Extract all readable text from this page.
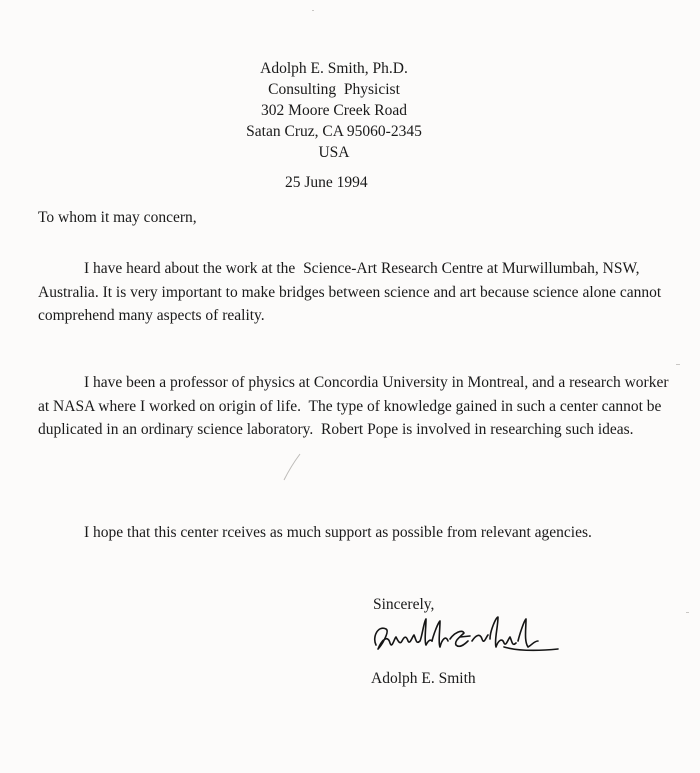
Adolph E. Smith, Ph.D.
Consulting  Physicist
302 Moore Creek Road
Satan Cruz, CA 95060-2345
USA
25 June 1994
To whom it may concern,
I have heard about the work at the  Science-Art Research Centre at Murwillumbah, NSW, Australia. It is very important to make bridges between science and art because science alone cannot comprehend many aspects of reality.
I have been a professor of physics at Concordia University in Montreal, and a research worker at NASA where I worked on origin of life.  The type of knowledge gained in such a center cannot be duplicated in an ordinary science laboratory.  Robert Pope is involved in researching such ideas.
I hope that this center rceives as much support as possible from relevant agencies.
Sincerely,
Adolph E. Smith
